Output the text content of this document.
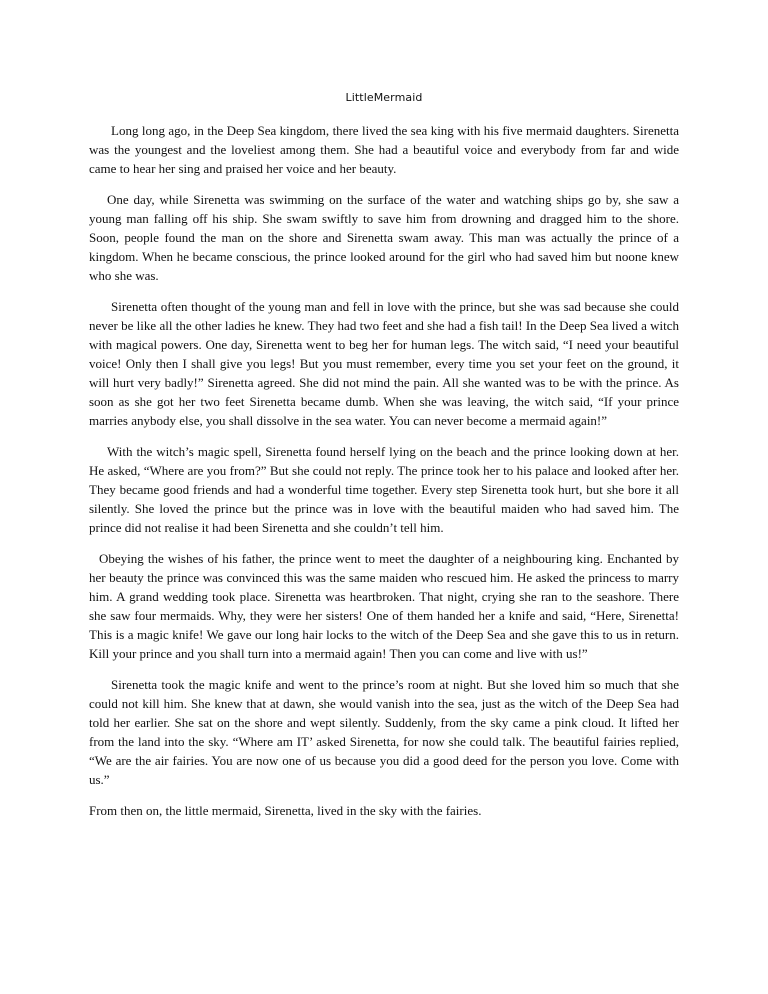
LittleMermaid

Long long ago, in the Deep Sea kingdom, there lived the sea king with his five mermaid daughters. Sirenetta was the youngest and the loveliest among them. She had a beautiful voice and everybody from far and wide came to hear her sing and praised her voice and her beauty.

One day, while Sirenetta was swimming on the surface of the water and watching ships go by, she saw a young man falling off his ship. She swam swiftly to save him from drowning and dragged him to the shore. Soon, people found the man on the shore and Sirenetta swam away. This man was actually the prince of a kingdom. When he became conscious, the prince looked around for the girl who had saved him but noone knew who she was.

Sirenetta often thought of the young man and fell in love with the prince, but she was sad because she could never be like all the other ladies he knew. They had two feet and she had a fish tail! In the Deep Sea lived a witch with magical powers. One day, Sirenetta went to beg her for human legs. The witch said, “I need your beautiful voice! Only then I shall give you legs! But you must remember, every time you set your feet on the ground, it will hurt very badly!” Sirenetta agreed. She did not mind the pain. All she wanted was to be with the prince. As soon as she got her two feet Sirenetta became dumb. When she was leaving, the witch said, “If your prince marries anybody else, you shall dissolve in the sea water. You can never become a mermaid again!”

With the witch’s magic spell, Sirenetta found herself lying on the beach and the prince looking down at her. He asked, “Where are you from?” But she could not reply. The prince took her to his palace and looked after her. They became good friends and had a wonderful time together. Every step Sirenetta took hurt, but she bore it all silently. She loved the prince but the prince was in love with the beautiful maiden who had saved him. The prince did not realise it had been Sirenetta and she couldn’t tell him.

Obeying the wishes of his father, the prince went to meet the daughter of a neighbouring king. Enchanted by her beauty the prince was convinced this was the same maiden who rescued him. He asked the princess to marry him. A grand wedding took place. Sirenetta was heartbroken. That night, crying she ran to the seashore. There she saw four mermaids. Why, they were her sisters! One of them handed her a knife and said, “Here, Sirenetta! This is a magic knife! We gave our long hair locks to the witch of the Deep Sea and she gave this to us in return. Kill your prince and you shall turn into a mermaid again! Then you can come and live with us!”

Sirenetta took the magic knife and went to the prince’s room at night. But she loved him so much that she could not kill him. She knew that at dawn, she would vanish into the sea, just as the witch of the Deep Sea had told her earlier. She sat on the shore and wept silently. Suddenly, from the sky came a pink cloud. It lifted her from the land into the sky. “Where am IT’ asked Sirenetta, for now she could talk. The beautiful fairies replied, “We are the air fairies. You are now one of us because you did a good deed for the person you love. Come with us.”

From then on, the little mermaid, Sirenetta, lived in the sky with the fairies.
